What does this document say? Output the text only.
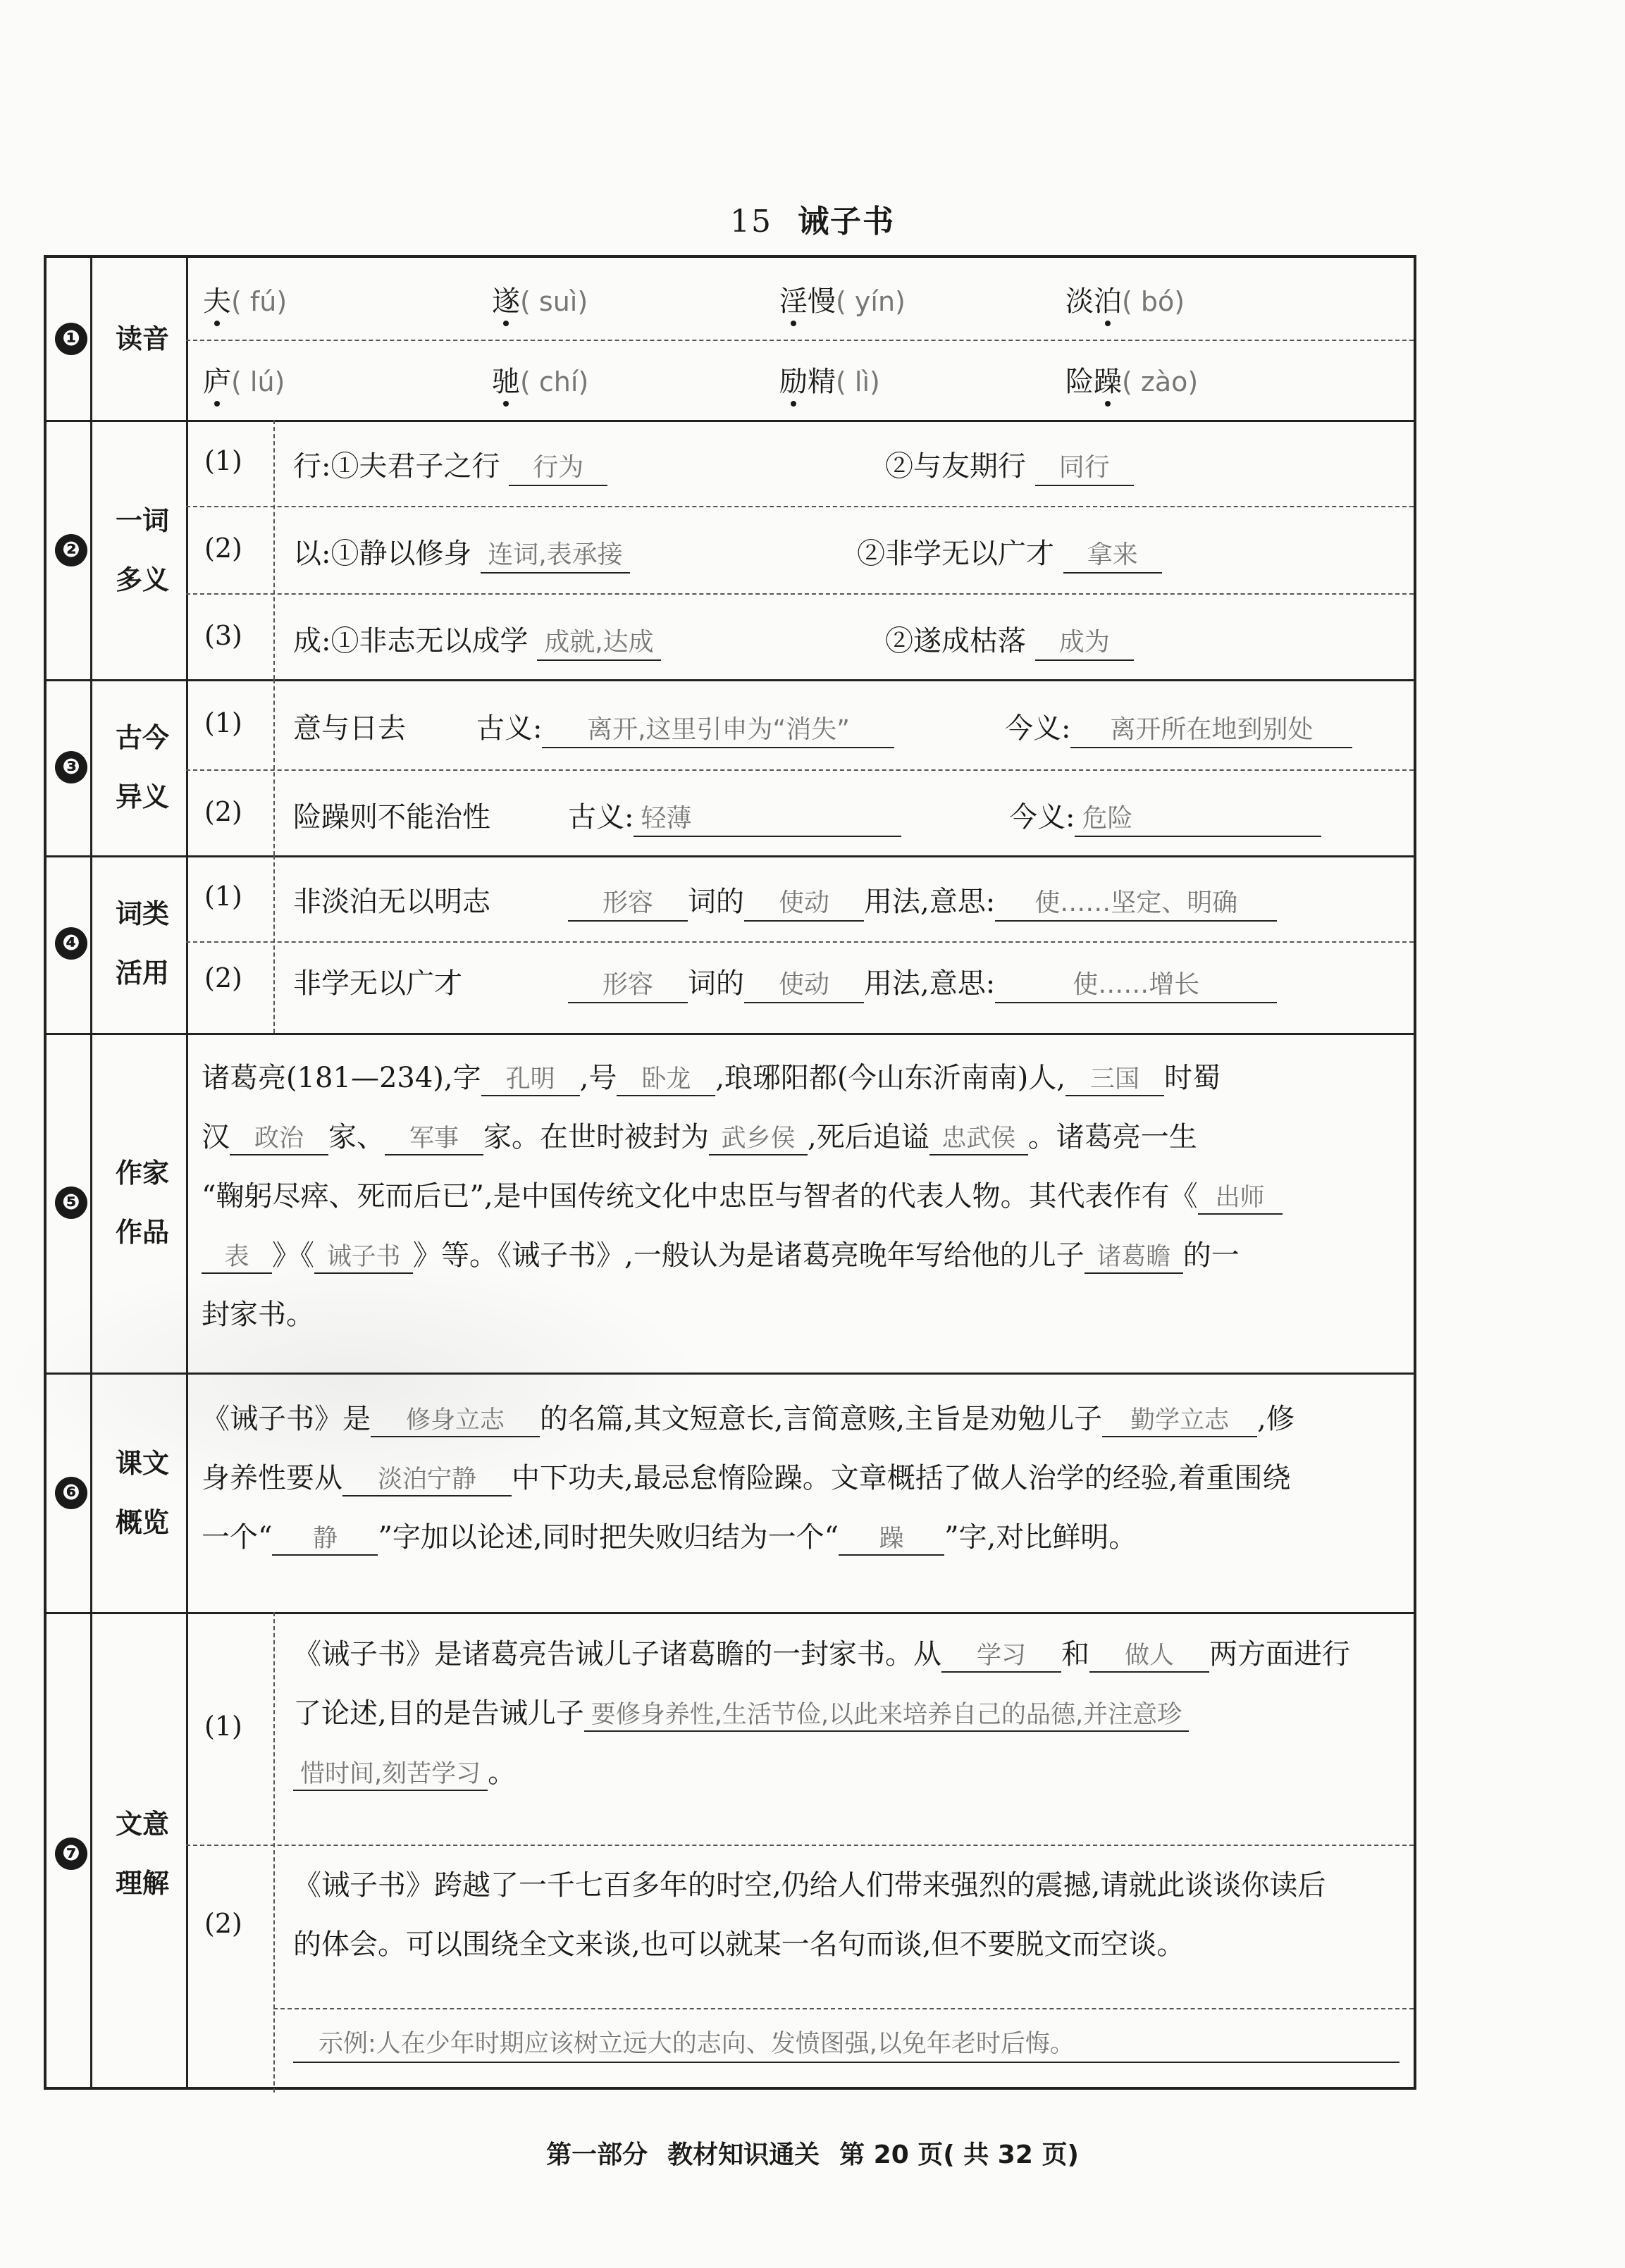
15 诫子书
❶	读音
夫( fú)	遂( suì)	淫慢( yín)	淡泊( bó)
庐( lú)	驰( chí)	励精( lì)	险躁( zào)
❷
一词
多义
(1) 行:①夫君子之行 行为	②与友期行 同行
(2) 以:①静以修身 连词,表承接	②非学无以广才 拿来
(3) 成:①非志无以成学 成就,达成	②遂成枯落 成为
❸
古今
异义
(1) 意与日去	古义: 离开,这里引申为“消失”	今义: 离开所在地到别处
(2) 险躁则不能治性	古义: 轻薄	今义: 危险
❹
词类
活用
(1) 非淡泊无以明志	形容 词的 使动 用法,意思: 使……坚定、明确
(2) 非学无以广才	形容 词的 使动 用法,意思:	使……增长
❺
作家
作品
诸葛亮(181—234),字 孔明 ,号 卧龙 ,琅琊阳都(今山东沂南南)人, 三国 时蜀
汉 政治 家、 军事 家。在世时被封为 武乡侯 ,死后追谥 忠武侯 。诸葛亮一生
“鞠躬尽瘁、死而后已”,是中国传统文化中忠臣与智者的代表人物。其代表作有《 出师
表 》《 诫子书 》等。《诫子书》,一般认为是诸葛亮晚年写给他的儿子 诸葛瞻 的一
封家书。
❻
课文
概览
《诫子书》是 修身立志 的名篇,其文短意长,言简意赅,主旨是劝勉儿子 勤学立志 ,修
身养性要从 淡泊宁静 中下功夫,最忌怠惰险躁。文章概括了做人治学的经验,着重围绕
一个“ 静 ”字加以论述,同时把失败归结为一个“ 躁 ”字,对比鲜明。
❼
文意
理解
(1)
《诫子书》是诸葛亮告诫儿子诸葛瞻的一封家书。从 学习 和 做人 两方面进行
了论述,目的是告诫儿子 要修身养性,生活节俭,以此来培养自己的品德,并注意珍
惜时间,刻苦学习 。
(2)
《诫子书》跨越了一千七百多年的时空,仍给人们带来强烈的震撼,请就此谈谈你读后
的体会。可以围绕全文来谈,也可以就某一名句而谈,但不要脱文而空谈。
示例:人在少年时期应该树立远大的志向、发愤图强,以免年老时后悔。
第一部分 教材知识通关 第 20 页( 共 32 页)
